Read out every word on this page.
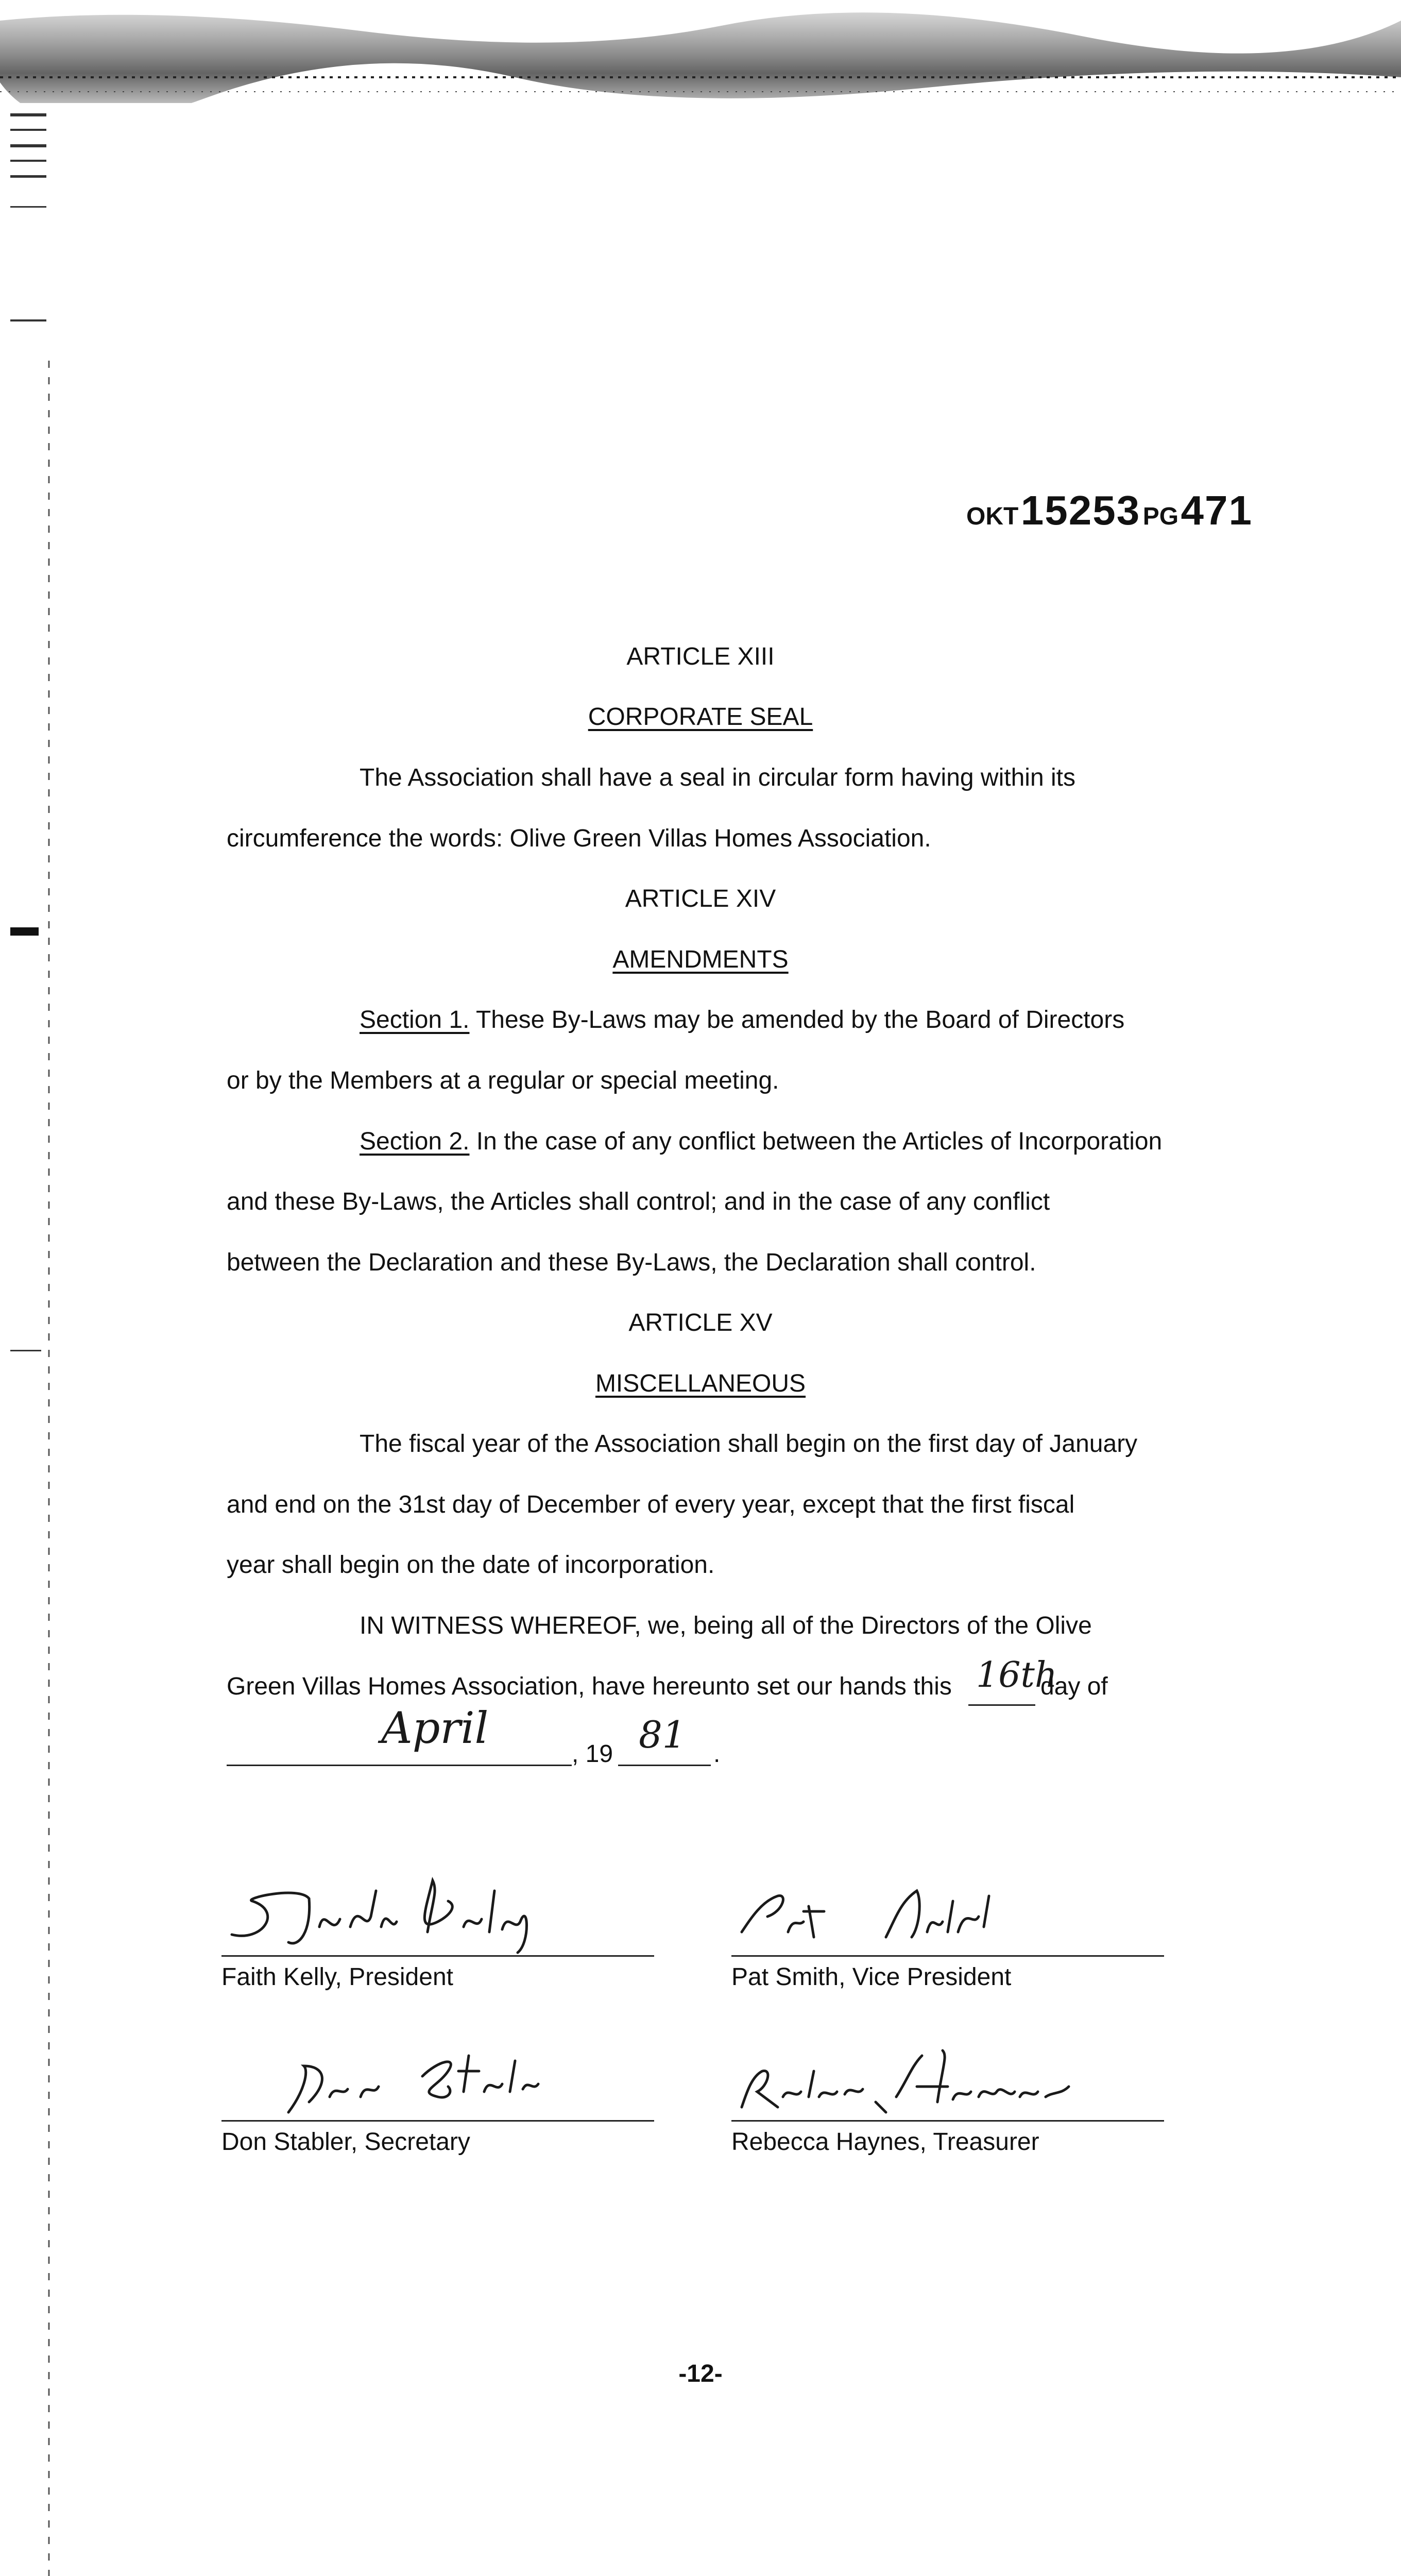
OKT 15253 PG 471
ARTICLE XIII
CORPORATE SEAL
The Association shall have a seal in circular form having within its
circumference the words: Olive Green Villas Homes Association.
ARTICLE XIV
AMENDMENTS
Section 1. These By-Laws may be amended by the Board of Directors
or by the Members at a regular or special meeting.
Section 2. In the case of any conflict between the Articles of Incorporation
and these By-Laws, the Articles shall control; and in the case of any conflict
between the Declaration and these By-Laws, the Declaration shall control.
ARTICLE XV
MISCELLANEOUS
The fiscal year of the Association shall begin on the first day of January
and end on the 31st day of December of every year, except that the first fiscal
year shall begin on the date of incorporation.
IN WITNESS WHEREOF, we, being all of the Directors of the Olive
Green Villas Homes Association, have hereunto set our hands this 16th
day of
April
, 19 81 .
Faith Kelly, President	Pat Smith, Vice President
Don Stabler, Secretary	Rebecca Haynes, Treasurer
-12-
